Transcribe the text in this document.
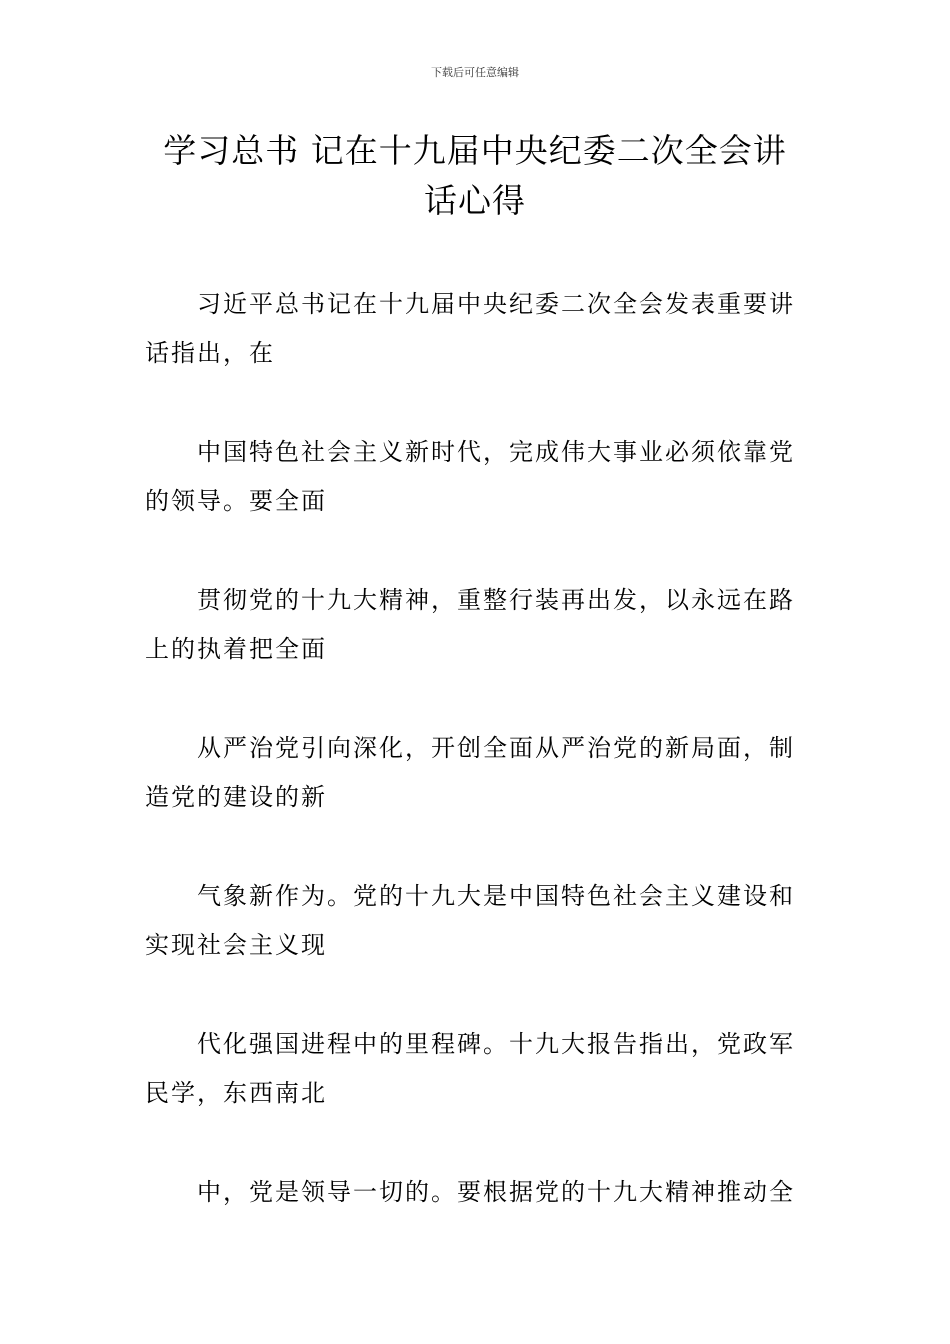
下载后可任意编辑
学习总书 记在十九届中央纪委二次全会讲
话心得

习近平总书记在十九届中央纪委二次全会发表重要讲
话指出，在

中国特色社会主义新时代，完成伟大事业必须依靠党
的领导。要全面

贯彻党的十九大精神，重整行装再出发，以永远在路
上的执着把全面

从严治党引向深化，开创全面从严治党的新局面，制
造党的建设的新

气象新作为。党的十九大是中国特色社会主义建设和
实现社会主义现

代化强国进程中的里程碑。十九大报告指出，党政军
民学，东西南北

中，党是领导一切的。要根据党的十九大精神推动全
